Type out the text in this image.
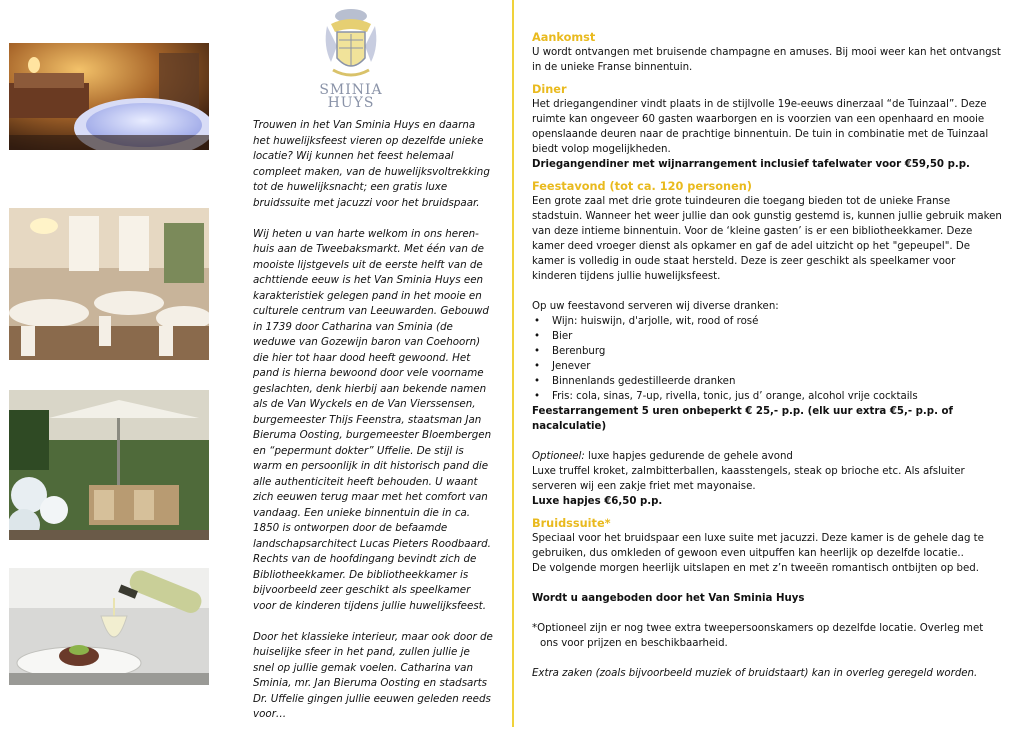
SMINIA
HUYS

Trouwen in het Van Sminia Huys en daarna het huwelijksfeest vieren op dezelfde unieke locatie? Wij kunnen het feest helemaal compleet maken, van de huwelijksvoltrekking tot de huwelijksnacht; een gratis luxe bruidssuite met jacuzzi voor het bruidspaar.

Wij heten u van harte welkom in ons heren-huis aan de Tweebaksmarkt. Met één van de mooiste lijstgevels uit de eerste helft van de achttiende eeuw is het Van Sminia Huys een karakteristiek gelegen pand in het mooie en culturele centrum van Leeuwarden. Gebouwd in 1739 door Catharina van Sminia (de weduwe van Gozewijn baron van Coehoorn) die hier tot haar dood heeft gewoond. Het pand is hierna bewoond door vele voorname geslachten, denk hierbij aan bekende namen als de Van Wyckels en de Van Vierssensen, burgemeester Thijs Feenstra, staatsman Jan Bieruma Oosting, burgemeester Bloembergen en “pepermunt dokter” Uffelie. De stijl is warm en persoonlijk in dit historisch pand die alle authenticiteit heeft behouden. U waant zich eeuwen terug maar met het comfort van vandaag. Een unieke binnentuin die in ca. 1850 is ontworpen door de befaamde landschapsarchitect Lucas Pieters Roodbaard. Rechts van de hoofdingang bevindt zich de Bibliotheekkamer. De bibliotheekkamer is bijvoorbeeld zeer geschikt als speelkamer voor de kinderen tijdens jullie huwelijksfeest.

Door het klassieke interieur, maar ook door de huiselijke sfeer in het pand, zullen jullie je snel op jullie gemak voelen. Catharina van Sminia, mr. Jan Bieruma Oosting en stadsarts Dr. Uffelie gingen jullie eeuwen geleden reeds voor…

Aankomst

U wordt ontvangen met bruisende champagne en amuses. Bij mooi weer kan het ontvangst in de unieke Franse binnentuin.

Diner

Het driegangendiner vindt plaats in de stijlvolle 19e-eeuws dinerzaal “de Tuinzaal”. Deze ruimte kan ongeveer 60 gasten waarborgen en is voorzien van een openhaard en mooie openslaande deuren naar de prachtige binnentuin. De tuin in combinatie met de Tuinzaal biedt volop mogelijkheden.

Driegangendiner met wijnarrangement inclusief tafelwater voor €59,50 p.p.

Feestavond (tot ca. 120 personen)

Een grote zaal met drie grote tuindeuren die toegang bieden tot de unieke Franse stadstuin. Wanneer het weer jullie dan ook gunstig gestemd is, kunnen jullie gebruik maken van deze intieme binnentuin. Voor de ‘kleine gasten’ is er een bibliotheekkamer. Deze kamer deed vroeger dienst als opkamer en gaf de adel uitzicht op het "gepeupel". De kamer is volledig in oude staat hersteld. Deze is zeer geschikt als speelkamer voor kinderen tijdens jullie huwelijksfeest.

Op uw feestavond serveren wij diverse dranken:

• Wijn: huiswijn, d'arjolle, wit, rood of rosé
• Bier
• Berenburg
• Jenever
• Binnenlands gedestilleerde dranken
• Fris: cola, sinas, 7-up, rivella, tonic, jus d’ orange, alcohol vrije cocktails

Feestarrangement 5 uren onbeperkt € 25,- p.p. (elk uur extra €5,- p.p. of nacalculatie)

Optioneel: luxe hapjes gedurende de gehele avond

Luxe truffel kroket, zalmbitterballen, kaasstengels, steak op brioche etc. Als afsluiter serveren wij een zakje friet met mayonaise.

Luxe hapjes €6,50 p.p.

Bruidssuite*

Speciaal voor het bruidspaar een luxe suite met jacuzzi. Deze kamer is de gehele dag te gebruiken, dus omkleden of gewoon even uitpuffen kan heerlijk op dezelfde locatie..

De volgende morgen heerlijk uitslapen en met z’n tweeën romantisch ontbijten op bed.

Wordt u aangeboden door het Van Sminia Huys

*Optioneel zijn er nog twee extra tweepersoonskamers op dezelfde locatie. Overleg met ons voor prijzen en beschikbaarheid.

Extra zaken (zoals bijvoorbeeld muziek of bruidstaart) kan in overleg geregeld worden.
